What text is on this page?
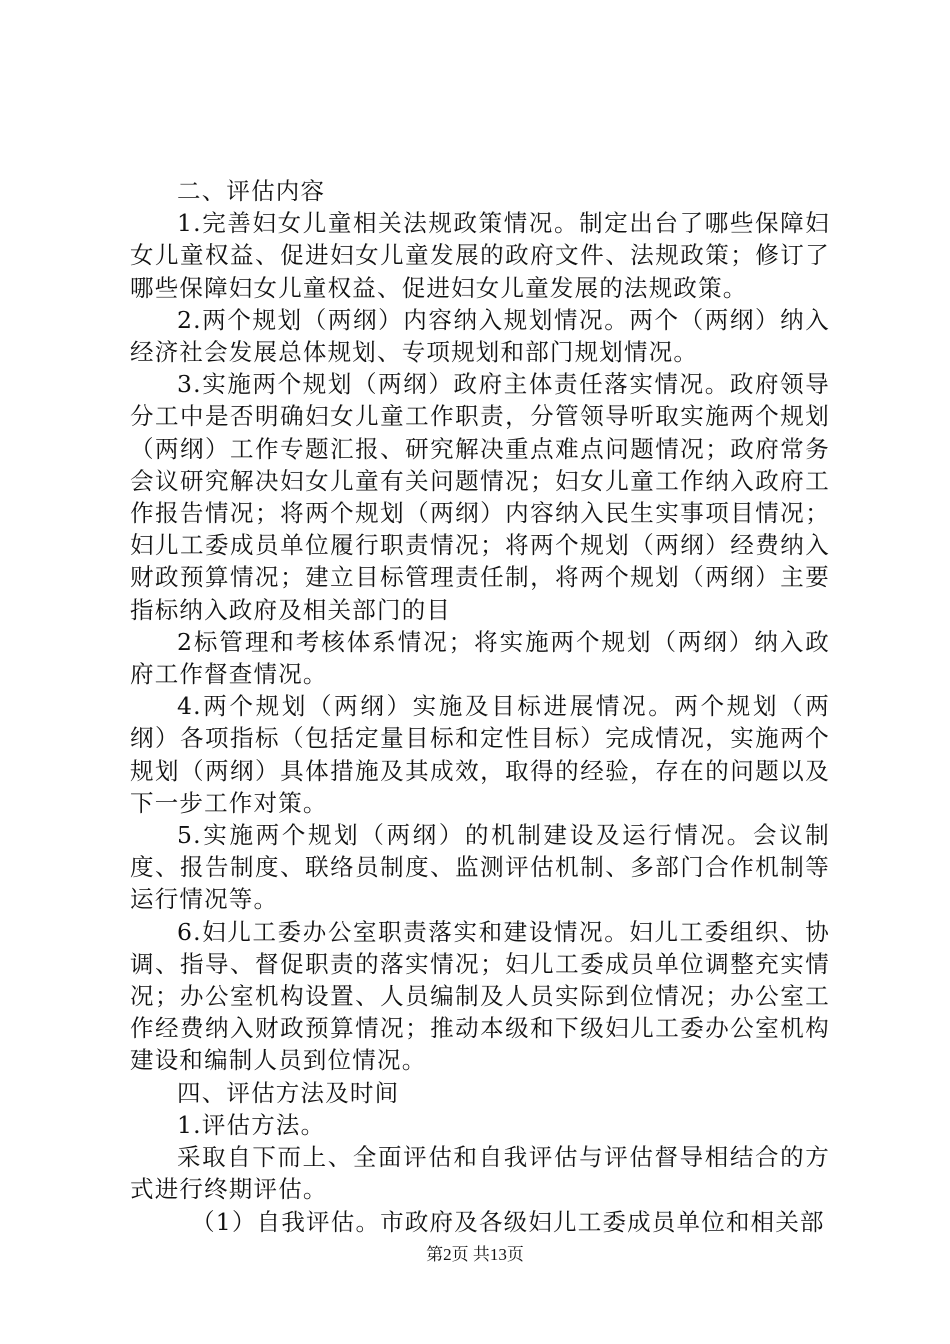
二、评估内容

1.完善妇女儿童相关法规政策情况。制定出台了哪些保障妇女儿童权益、促进妇女儿童发展的政府文件、法规政策；修订了哪些保障妇女儿童权益、促进妇女儿童发展的法规政策。

2.两个规划（两纲）内容纳入规划情况。两个（两纲）纳入经济社会发展总体规划、专项规划和部门规划情况。

3.实施两个规划（两纲）政府主体责任落实情况。政府领导分工中是否明确妇女儿童工作职责，分管领导听取实施两个规划（两纲）工作专题汇报、研究解决重点难点问题情况；政府常务会议研究解决妇女儿童有关问题情况；妇女儿童工作纳入政府工作报告情况；将两个规划（两纲）内容纳入民生实事项目情况；妇儿工委成员单位履行职责情况；将两个规划（两纲）经费纳入财政预算情况；建立目标管理责任制，将两个规划（两纲）主要指标纳入政府及相关部门的目

2标管理和考核体系情况；将实施两个规划（两纲）纳入政府工作督查情况。

4.两个规划（两纲）实施及目标进展情况。两个规划（两纲）各项指标（包括定量目标和定性目标）完成情况，实施两个规划（两纲）具体措施及其成效，取得的经验，存在的问题以及下一步工作对策。

5.实施两个规划（两纲）的机制建设及运行情况。会议制度、报告制度、联络员制度、监测评估机制、多部门合作机制等运行情况等。

6.妇儿工委办公室职责落实和建设情况。妇儿工委组织、协调、指导、督促职责的落实情况；妇儿工委成员单位调整充实情况；办公室机构设置、人员编制及人员实际到位情况；办公室工作经费纳入财政预算情况；推动本级和下级妇儿工委办公室机构建设和编制人员到位情况。

四、评估方法及时间

1.评估方法。

采取自下而上、全面评估和自我评估与评估督导相结合的方式进行终期评估。

（1）自我评估。市政府及各级妇儿工委成员单位和相关部

第2页 共13页
